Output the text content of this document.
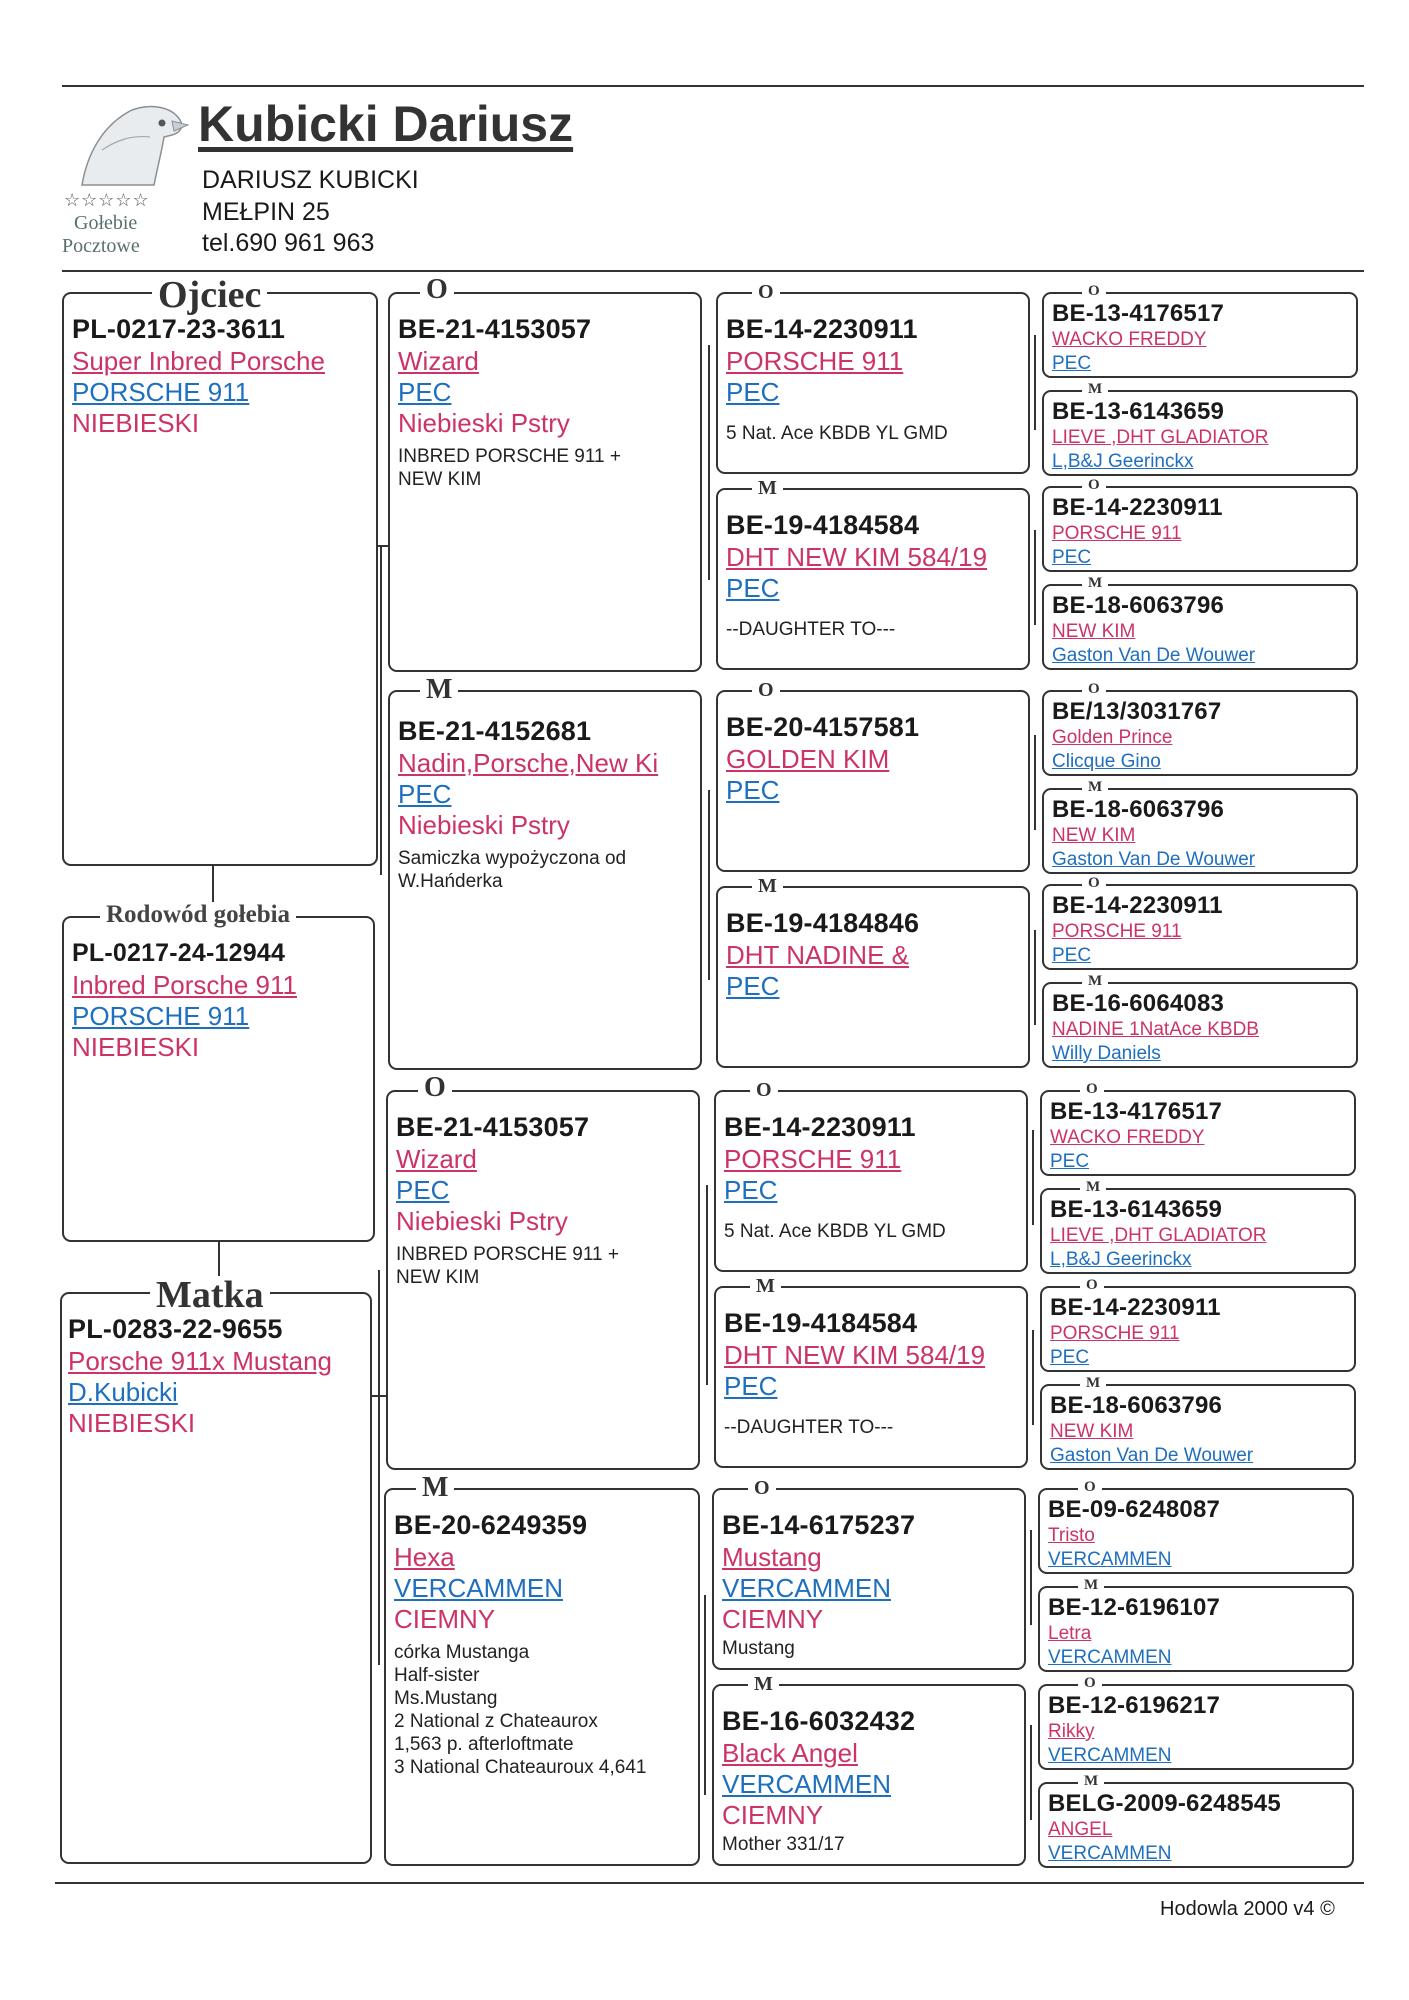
☆☆☆☆☆
Gołebie
Pocztowe
Kubicki Dariusz
DARIUSZ KUBICKI
MEŁPIN 25
tel.690 961 963
PL-0217-23-3611
Super Inbred Porsche
PORSCHE 911
NIEBIESKI
Ojciec
PL-0217-24-12944
Inbred Porsche 911
PORSCHE 911
NIEBIESKI
Rodowód gołebia
PL-0283-22-9655
Porsche 911x Mustang
D.Kubicki
NIEBIESKI
Matka
BE-21-4153057
Wizard
PEC
Niebieski Pstry
INBRED PORSCHE 911 +
NEW KIM
O
BE-21-4152681
Nadin,Porsche,New Ki
PEC
Niebieski Pstry
Samiczka wypożyczona od
W.Hańderka
M
BE-21-4153057
Wizard
PEC
Niebieski Pstry
INBRED PORSCHE 911 +
NEW KIM
O
BE-20-6249359
Hexa
VERCAMMEN
CIEMNY
córka Mustanga
Half-sister
Ms.Mustang
2 National z Chateaurox
1,563 p. afterloftmate
3 National Chateauroux 4,641
M
BE-14-2230911
PORSCHE 911
PEC
5 Nat. Ace KBDB YL GMD
O
BE-19-4184584
DHT NEW KIM 584/19
PEC
--DAUGHTER TO---
M
BE-20-4157581
GOLDEN KIM
PEC
O
BE-19-4184846
DHT NADINE &
PEC
M
BE-14-2230911
PORSCHE 911
PEC
5 Nat. Ace KBDB YL GMD
O
BE-19-4184584
DHT NEW KIM 584/19
PEC
--DAUGHTER TO---
M
BE-14-6175237
Mustang
VERCAMMEN
CIEMNY
Mustang
O
BE-16-6032432
Black Angel
VERCAMMEN
CIEMNY
Mother 331/17
M
BE-13-4176517
WACKO FREDDY
PEC
O
BE-13-6143659
LIEVE ,DHT GLADIATOR
L,B&J Geerinckx
M
BE-14-2230911
PORSCHE 911
PEC
O
BE-18-6063796
NEW KIM
Gaston Van De Wouwer
M
BE/13/3031767
Golden Prince
Clicque Gino
O
BE-18-6063796
NEW KIM
Gaston Van De Wouwer
M
BE-14-2230911
PORSCHE 911
PEC
O
BE-16-6064083
NADINE 1NatAce KBDB
Willy Daniels
M
BE-13-4176517
WACKO FREDDY
PEC
O
BE-13-6143659
LIEVE ,DHT GLADIATOR
L,B&J Geerinckx
M
BE-14-2230911
PORSCHE 911
PEC
O
BE-18-6063796
NEW KIM
Gaston Van De Wouwer
M
BE-09-6248087
Tristo
VERCAMMEN
O
BE-12-6196107
Letra
VERCAMMEN
M
BE-12-6196217
Rikky
VERCAMMEN
O
BELG-2009-6248545
ANGEL
VERCAMMEN
M
Hodowla 2000 v4 ©
